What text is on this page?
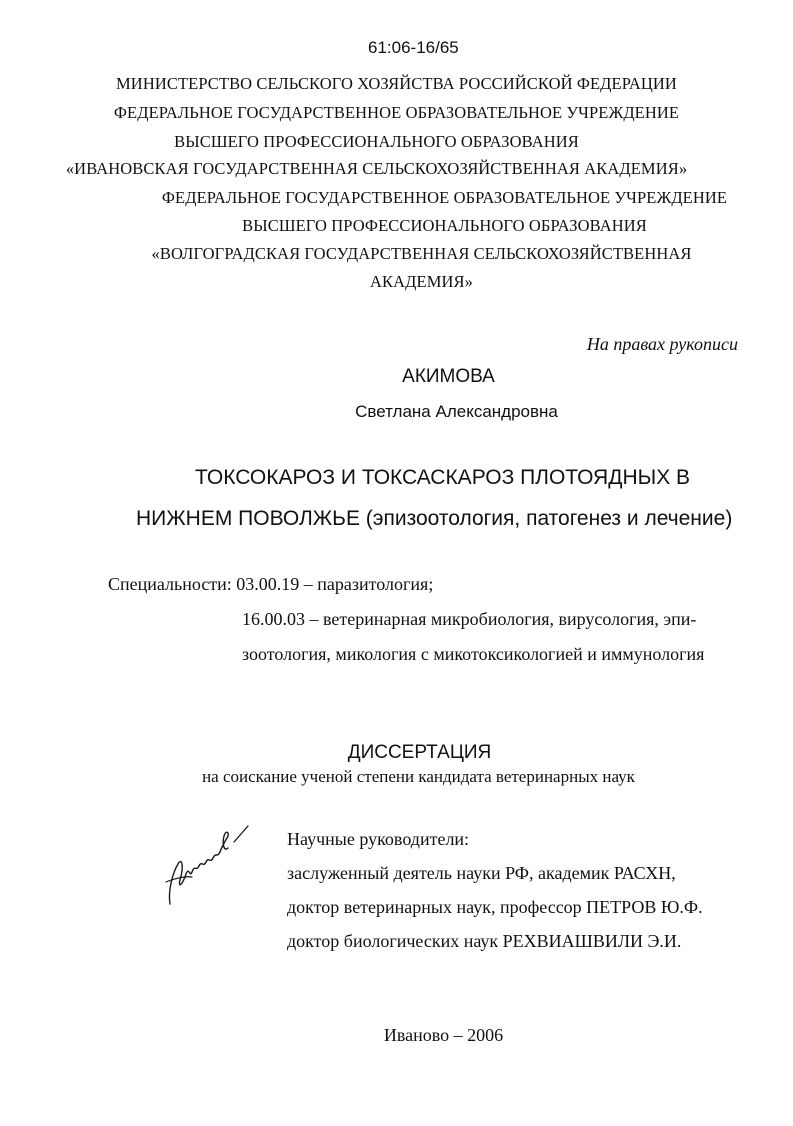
61:06-16/65
МИНИСТЕРСТВО СЕЛЬСКОГО ХОЗЯЙСТВА РОССИЙСКОЙ ФЕДЕРАЦИИ
ФЕДЕРАЛЬНОЕ ГОСУДАРСТВЕННОЕ ОБРАЗОВАТЕЛЬНОЕ УЧРЕЖДЕНИЕ
ВЫСШЕГО ПРОФЕССИОНАЛЬНОГО ОБРАЗОВАНИЯ
«ИВАНОВСКАЯ ГОСУДАРСТВЕННАЯ СЕЛЬСКОХОЗЯЙСТВЕННАЯ АКАДЕМИЯ»
ФЕДЕРАЛЬНОЕ ГОСУДАРСТВЕННОЕ ОБРАЗОВАТЕЛЬНОЕ УЧРЕЖДЕНИЕ
ВЫСШЕГО ПРОФЕССИОНАЛЬНОГО ОБРАЗОВАНИЯ
«ВОЛГОГРАДСКАЯ ГОСУДАРСТВЕННАЯ СЕЛЬСКОХОЗЯЙСТВЕННАЯ
АКАДЕМИЯ»
На правах рукописи
АКИМОВА
Светлана Александровна
ТОКСОКАРОЗ И ТОКСАСКАРОЗ ПЛОТОЯДНЫХ В
НИЖНЕМ ПОВОЛЖЬЕ (эпизоотология, патогенез и лечение)
Специальности: 03.00.19 – паразитология;
16.00.03 – ветеринарная микробиология, вирусология, эпи-
зоотология, микология с микотоксикологией и иммунология
ДИССЕРТАЦИЯ
на соискание ученой степени кандидата ветеринарных наук
Научные руководители:
заслуженный деятель науки РФ, академик РАСХН,
доктор ветеринарных наук, профессор ПЕТРОВ Ю.Ф.
доктор биологических наук РЕХВИАШВИЛИ Э.И.
Иваново – 2006
